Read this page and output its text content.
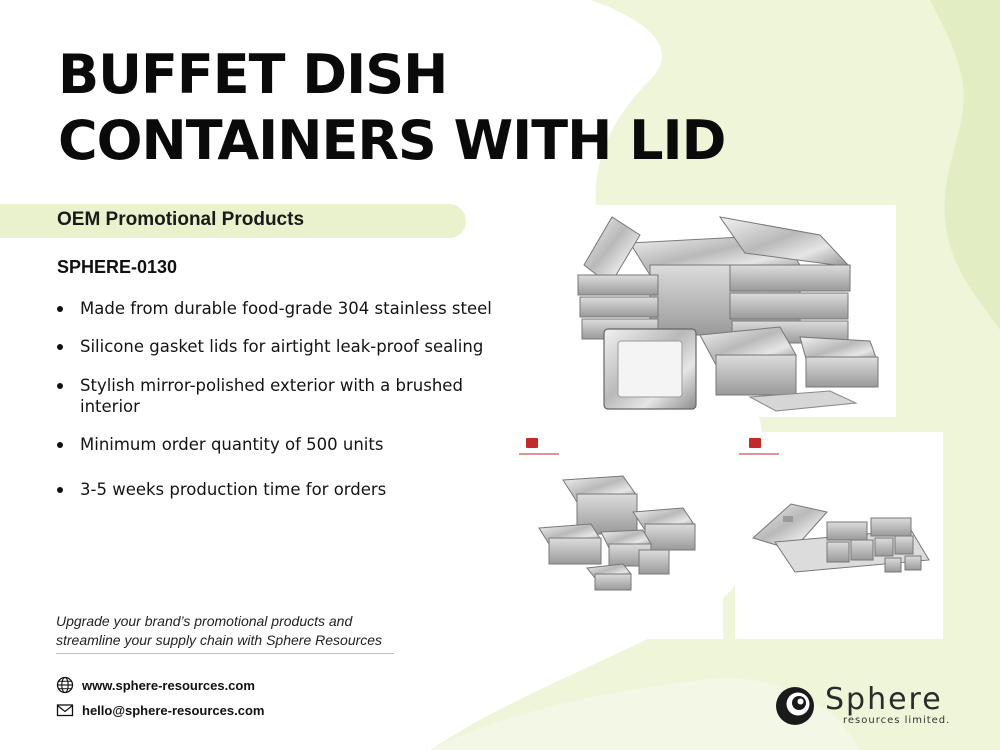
BUFFET DISH
CONTAINERS WITH LID
OEM Promotional Products
SPHERE-0130
Made from durable food-grade 304 stainless steel
Silicone gasket lids for airtight leak-proof sealing
Stylish mirror-polished exterior with a brushed interior
Minimum order quantity of 500 units
3-5 weeks production time for orders
Upgrade your brand’s promotional products and streamline your supply chain with Sphere Resources
www.sphere-resources.com
hello@sphere-resources.com	Sphere
resources limited.
